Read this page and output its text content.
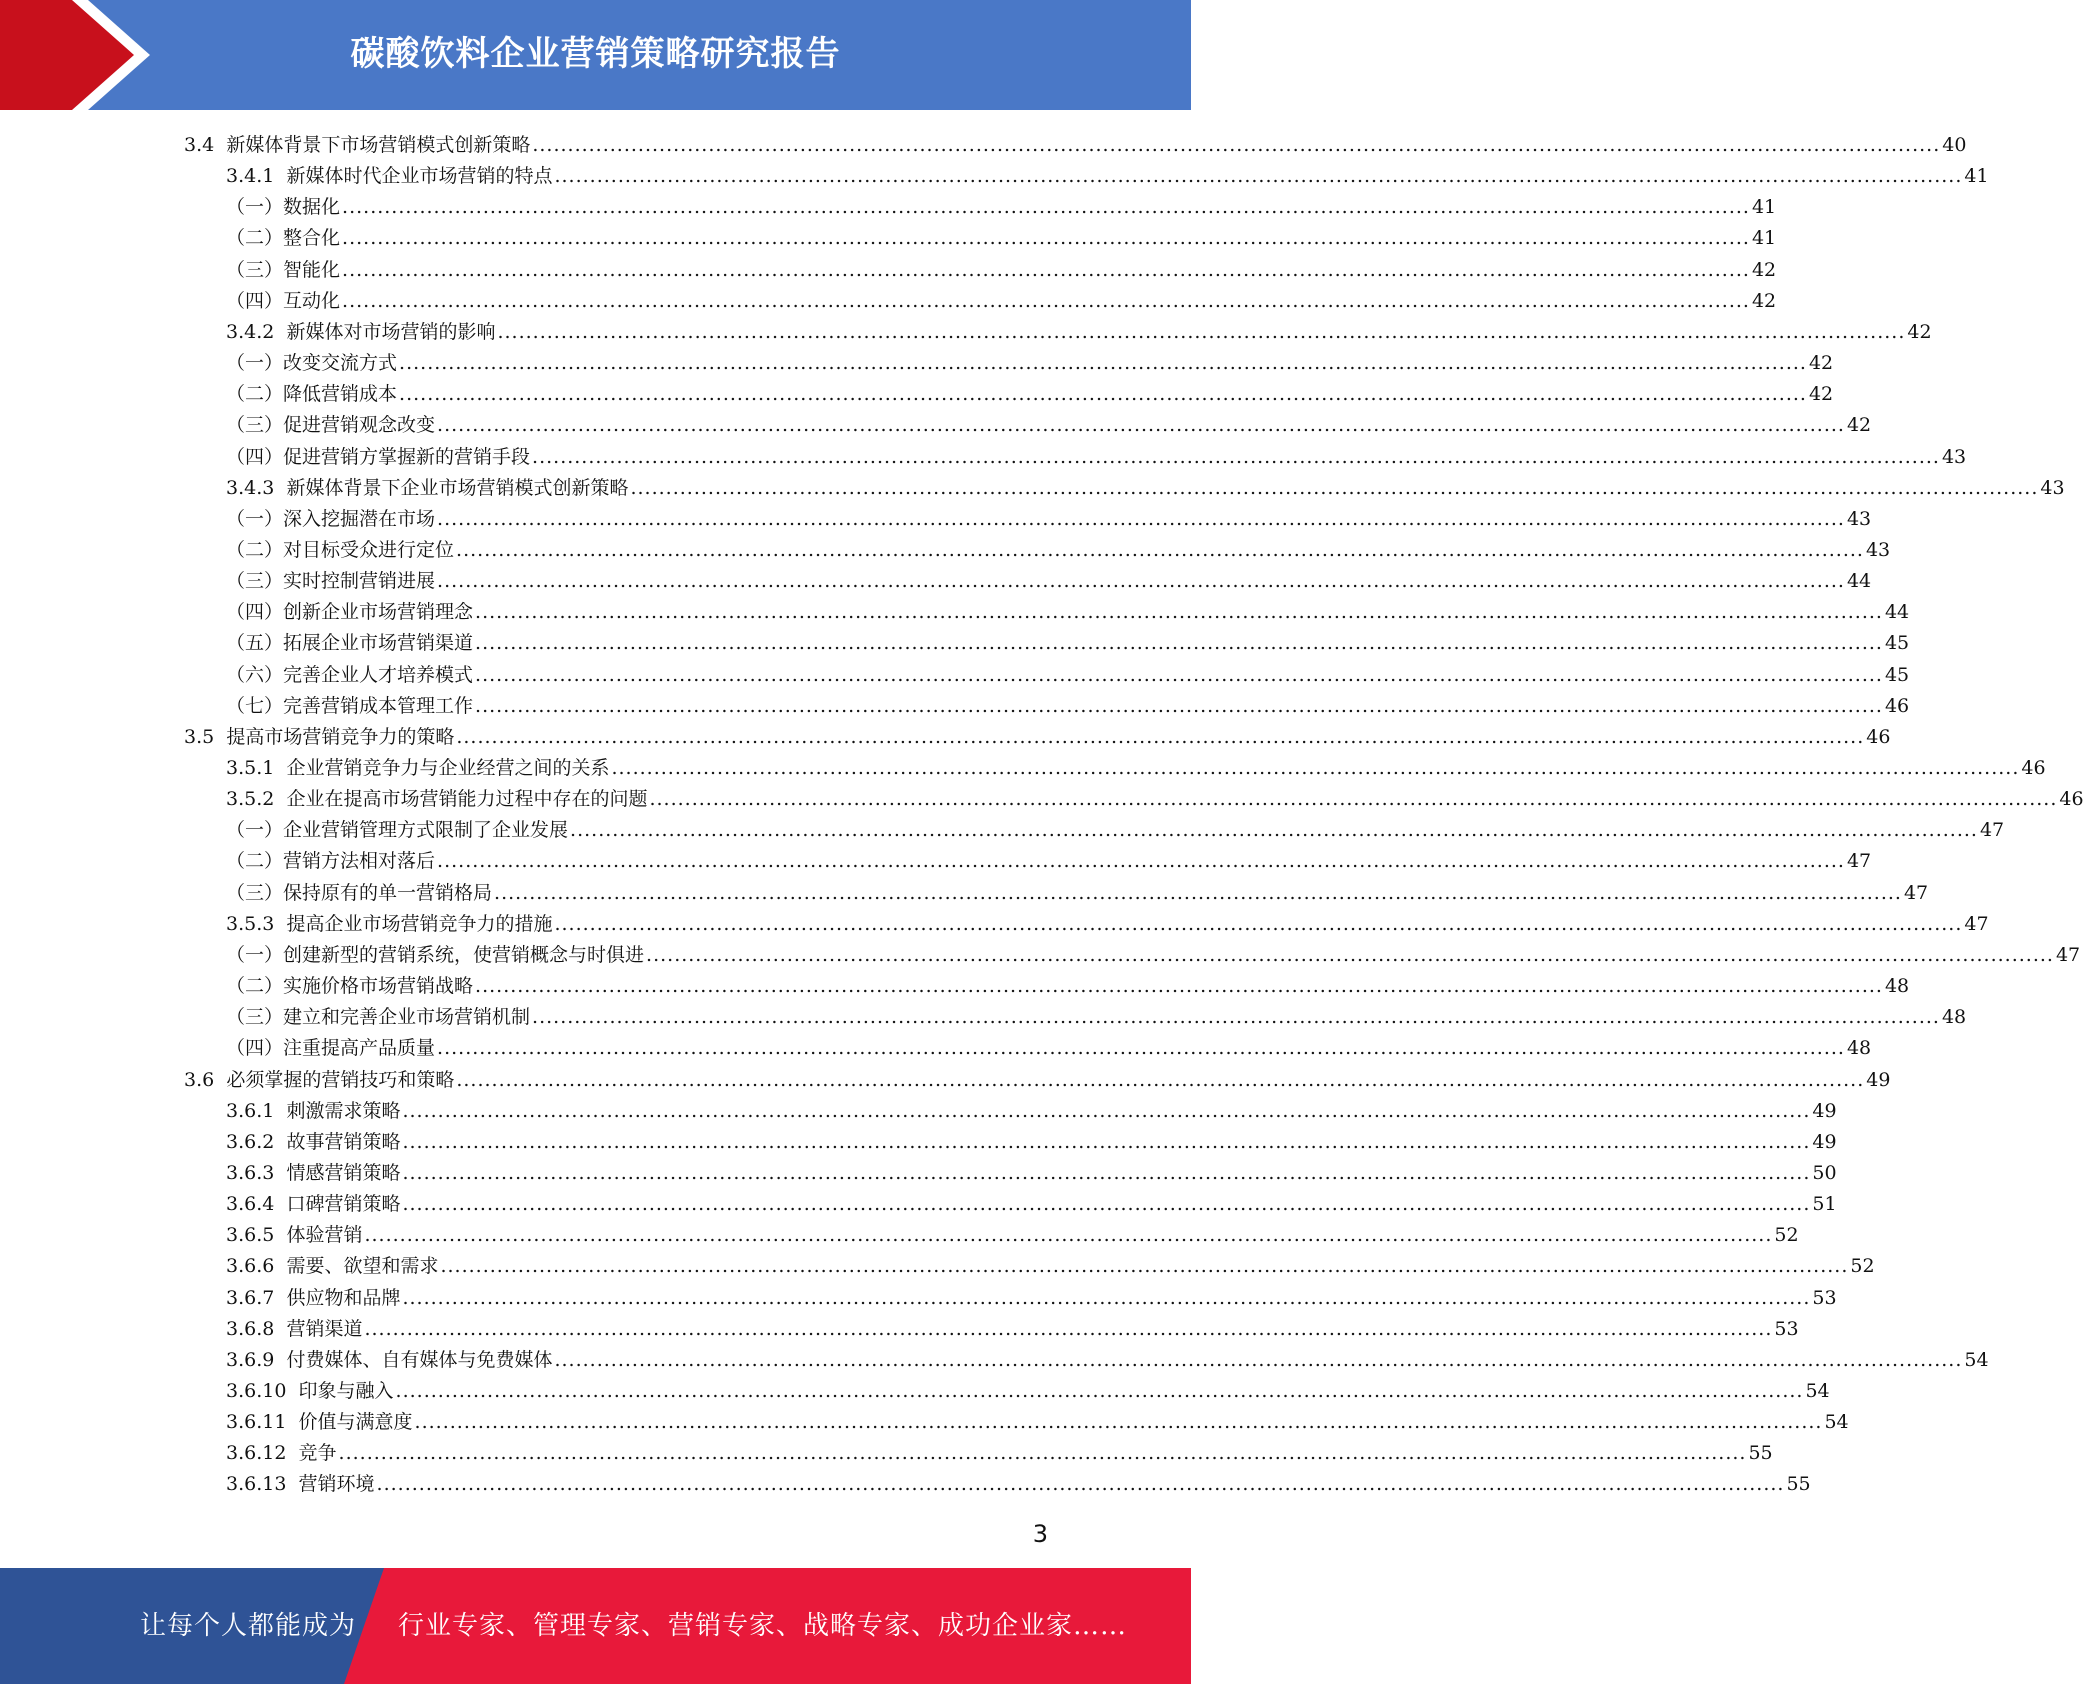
碳酸饮料企业营销策略研究报告
3.4
新媒体背景下市场营销模式创新策略 ........................................................................................................................................................................................................ 40
3.4.1
新媒体时代企业市场营销的特点 ........................................................................................................................................................................................................ 41
（一） 数据化 ........................................................................................................................................................................................................ 41
（二） 整合化 ........................................................................................................................................................................................................ 41
（三） 智能化 ........................................................................................................................................................................................................ 42
（四） 互动化 ........................................................................................................................................................................................................ 42
3.4.2
新媒体对市场营销的影响 ........................................................................................................................................................................................................ 42
（一） 改变交流方式 ........................................................................................................................................................................................................ 42
（二） 降低营销成本 ........................................................................................................................................................................................................ 42
（三） 促进营销观念改变 ........................................................................................................................................................................................................ 42
（四） 促进营销方掌握新的营销手段 ........................................................................................................................................................................................................ 43
3.4.3
新媒体背景下企业市场营销模式创新策略 ........................................................................................................................................................................................................ 43
（一） 深入挖掘潜在市场 ........................................................................................................................................................................................................ 43
（二） 对目标受众进行定位 ........................................................................................................................................................................................................ 43
（三） 实时控制营销进展 ........................................................................................................................................................................................................ 44
（四） 创新企业市场营销理念 ........................................................................................................................................................................................................ 44
（五） 拓展企业市场营销渠道 ........................................................................................................................................................................................................ 45
（六） 完善企业人才培养模式 ........................................................................................................................................................................................................ 45
（七） 完善营销成本管理工作 ........................................................................................................................................................................................................ 46
3.5
提高市场营销竞争力的策略 ........................................................................................................................................................................................................ 46
3.5.1
企业营销竞争力与企业经营之间的关系 ........................................................................................................................................................................................................ 46
3.5.2
企业在提高市场营销能力过程中存在的问题 ........................................................................................................................................................................................................ 46
（一） 企业营销管理方式限制了企业发展 ........................................................................................................................................................................................................ 47
（二） 营销方法相对落后 ........................................................................................................................................................................................................ 47
（三） 保持原有的单一营销格局 ........................................................................................................................................................................................................ 47
3.5.3
提高企业市场营销竞争力的措施 ........................................................................................................................................................................................................ 47
（一） 创建新型的营销系统，使营销概念与时俱进 ........................................................................................................................................................................................................ 47
（二） 实施价格市场营销战略 ........................................................................................................................................................................................................ 48
（三） 建立和完善企业市场营销机制 ........................................................................................................................................................................................................ 48
（四） 注重提高产品质量 ........................................................................................................................................................................................................ 48
3.6
必须掌握的营销技巧和策略 ........................................................................................................................................................................................................ 49
3.6.1
刺激需求策略 ........................................................................................................................................................................................................ 49
3.6.2
故事营销策略 ........................................................................................................................................................................................................ 49
3.6.3
情感营销策略 ........................................................................................................................................................................................................ 50
3.6.4
口碑营销策略 ........................................................................................................................................................................................................ 51
3.6.5
体验营销 ........................................................................................................................................................................................................ 52
3.6.6
需要、欲望和需求 ........................................................................................................................................................................................................ 52
3.6.7
供应物和品牌 ........................................................................................................................................................................................................ 53
3.6.8
营销渠道 ........................................................................................................................................................................................................ 53
3.6.9
付费媒体、自有媒体与免费媒体 ........................................................................................................................................................................................................ 54
3.6.10
印象与融入 ........................................................................................................................................................................................................ 54
3.6.11
价值与满意度 ........................................................................................................................................................................................................ 54
3.6.12
竞争 ........................................................................................................................................................................................................ 55
3.6.13
营销环境 ........................................................................................................................................................................................................ 55
3
让每个人都能成为 行业专家、管理专家、营销专家、战略专家、成功企业家……
